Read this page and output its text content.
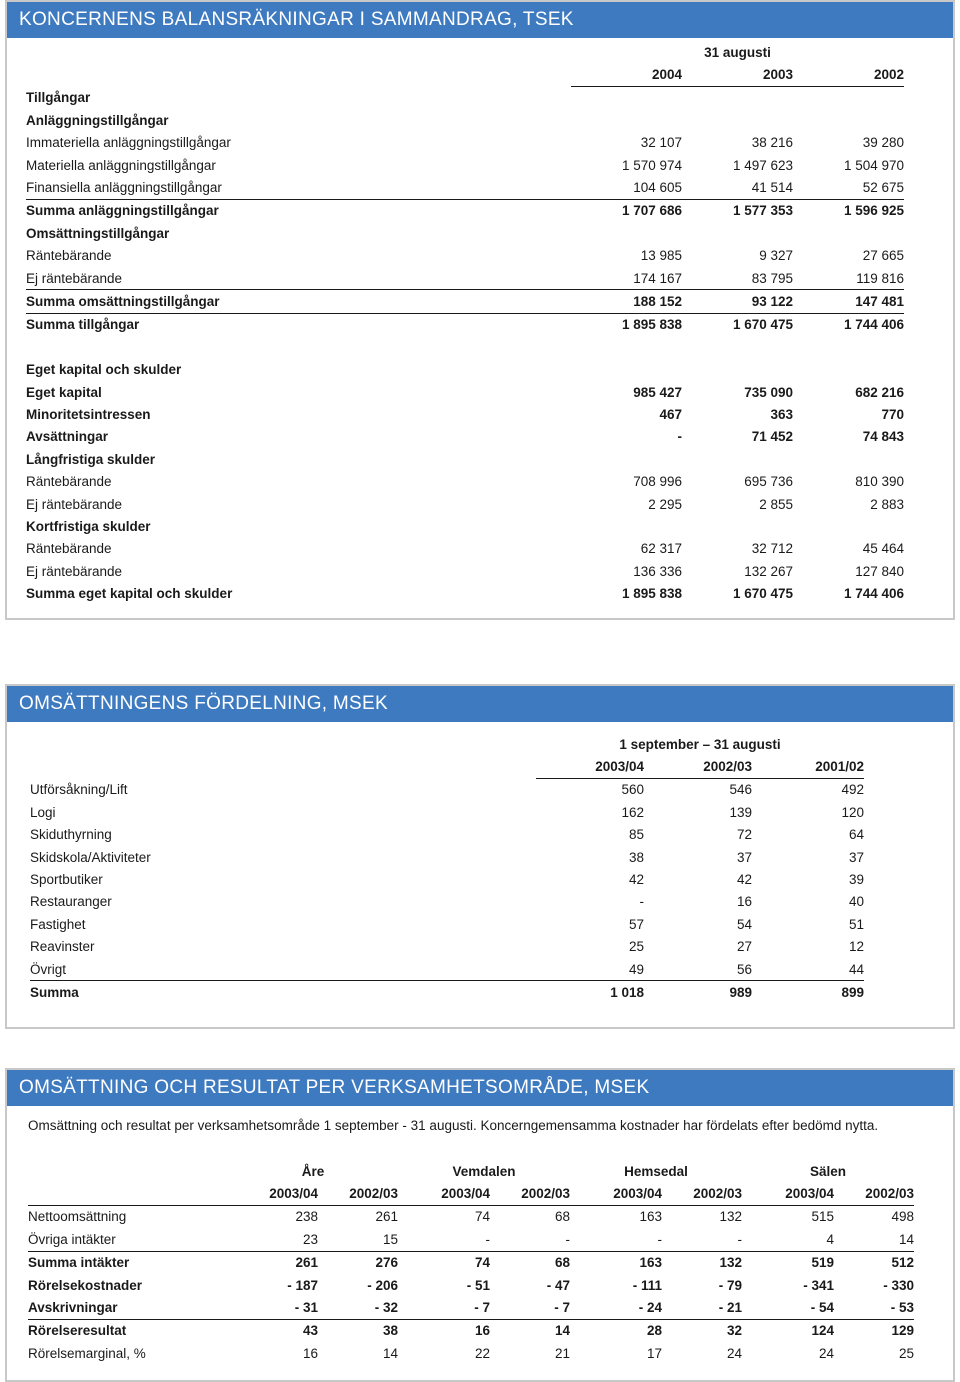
KONCERNENS BALANSRÄKNINGAR I SAMMANDRAG, TSEK
		31 augusti	
	2004	2003	2002
Tillgångar			
Anläggningstillgångar			
Immateriella anläggningstillgångar	32 107	38 216	39 280
Materiella anläggningstillgångar	1 570 974	1 497 623	1 504 970
Finansiella anläggningstillgångar	104 605	41 514	52 675
Summa anläggningstillgångar	1 707 686	1 577 353	1 596 925
Omsättningstillgångar			
Räntebärande	13 985	9 327	27 665
Ej räntebärande	174 167	83 795	119 816
Summa omsättningstillgångar	188 152	93 122	147 481
Summa tillgångar	1 895 838	1 670 475	1 744 406

Eget kapital och skulder			
Eget kapital	985 427	735 090	682 216
Minoritetsintressen	467	363	770
Avsättningar	-	71 452	74 843
Långfristiga skulder			
Räntebärande	708 996	695 736	810 390
Ej räntebärande	2 295	2 855	2 883
Kortfristiga skulder			
Räntebärande	62 317	32 712	45 464
Ej räntebärande	136 336	132 267	127 840
Summa eget kapital och skulder	1 895 838	1 670 475	1 744 406
OMSÄTTNINGENS FÖRDELNING, MSEK
	1 september – 31 augusti		
	2003/04	2002/03	2001/02
Utförsåkning/Lift	560	546	492
Logi	162	139	120
Skiduthyrning	85	72	64
Skidskola/Aktiviteter	38	37	37
Sportbutiker	42	42	39
Restauranger	-	16	40
Fastighet	57	54	51
Reavinster	25	27	12
Övrigt	49	56	44
Summa	1 018	989	899
OMSÄTTNING OCH RESULTAT PER VERKSAMHETSOMRÅDE, MSEK
Omsättning och resultat per verksamhetsområde 1 september - 31 augusti. Koncerngemensamma kostnader har fördelats efter bedömd nytta.
	Åre		Vemdalen		Hemsedal		Sälen	
	2003/04	2002/03	2003/04	2002/03	2003/04	2002/03	2003/04	2002/03
Nettoomsättning	238	261	74	68	163	132	515	498
Övriga intäkter	23	15	-	-	-	-	4	14
Summa intäkter	261	276	74	68	163	132	519	512
Rörelsekostnader	- 187	- 206	- 51	- 47	- 111	- 79	- 341	- 330
Avskrivningar	- 31	- 32	- 7	- 7	- 24	- 21	- 54	- 53
Rörelseresultat	43	38	16	14	28	32	124	129
Rörelsemarginal, %	16	14	22	21	17	24	24	25
